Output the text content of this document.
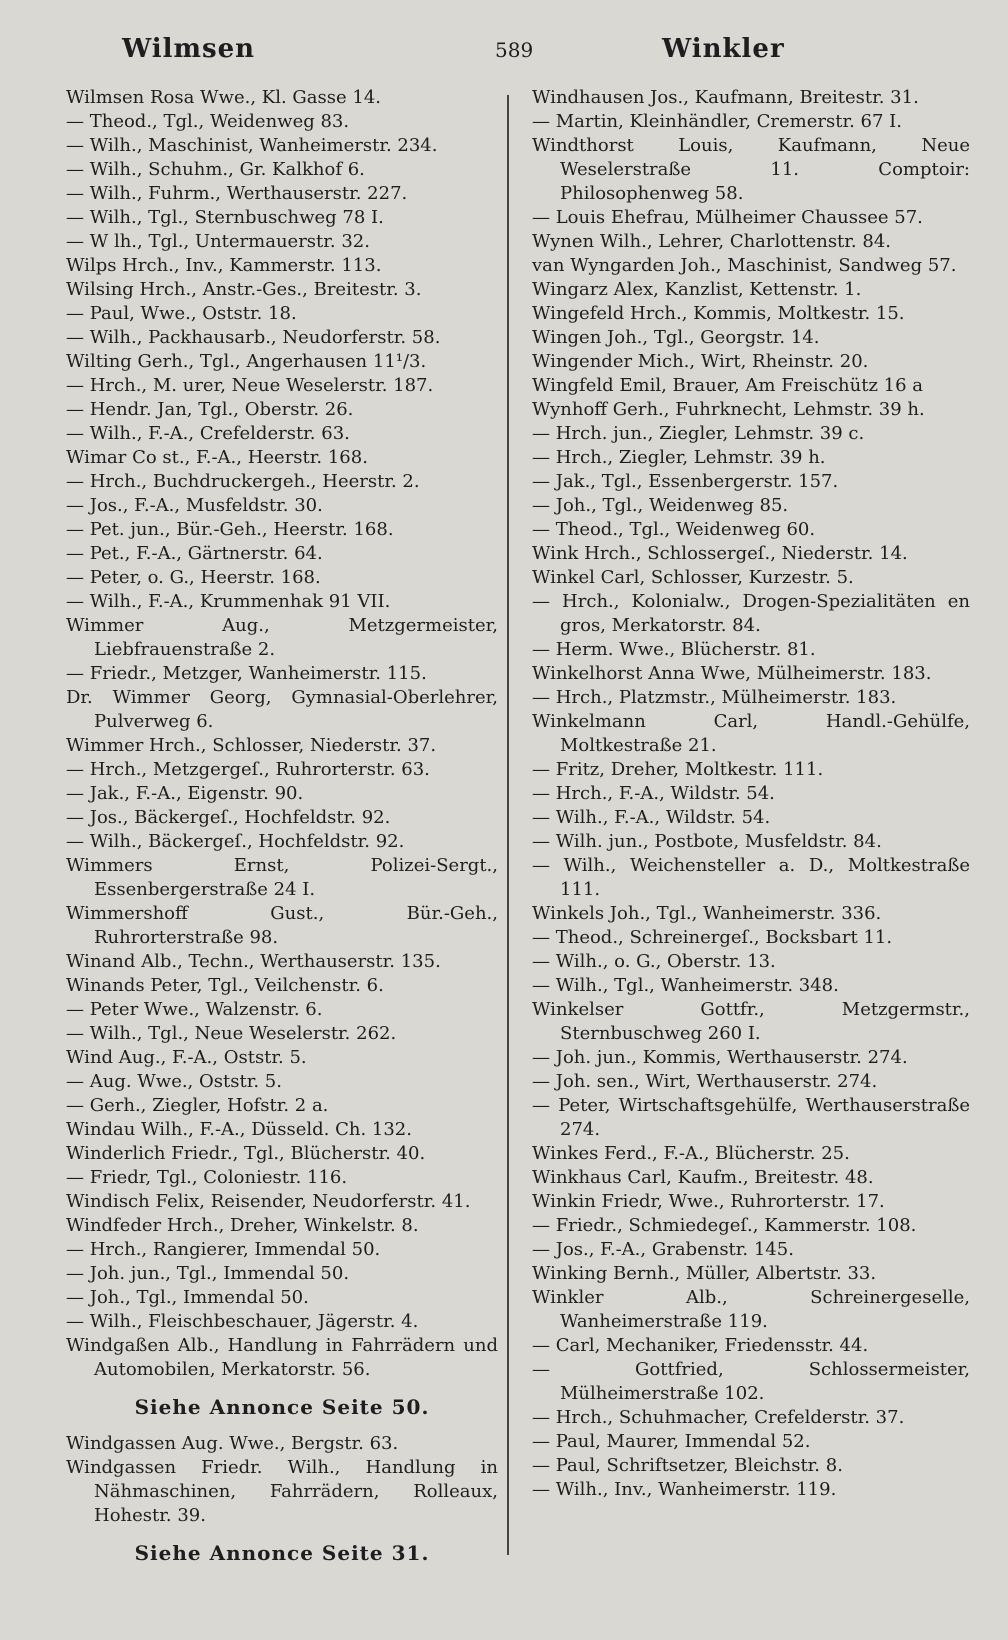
Wilmsen	589	Winkler

Wilmsen Rosa Wwe., Kl. Gasse 14.

— Theod., Tgl., Weidenweg 83.

— Wilh., Maschinist, Wanheimerstr. 234.

— Wilh., Schuhm., Gr. Kalkhof 6.

— Wilh., Fuhrm., Werthauserstr. 227.

— Wilh., Tgl., Sternbuschweg 78 I.

— W lh., Tgl., Untermauerstr. 32.

Wilps Hrch., Inv., Kammerstr. 113.

Wilsing Hrch., Anstr.-Ges., Breitestr. 3.

— Paul, Wwe., Oststr. 18.

— Wilh., Packhausarb., Neudorferstr. 58.

Wilting Gerh., Tgl., Angerhausen 11¹/3.

— Hrch., M. urer, Neue Weselerstr. 187.

— Hendr. Jan, Tgl., Oberstr. 26.

— Wilh., F.-A., Crefelderstr. 63.

Wimar Co st., F.-A., Heerstr. 168.

— Hrch., Buchdruckergeh., Heerstr. 2.

— Jos., F.-A., Musfeldstr. 30.

— Pet. jun., Bür.-Geh., Heerstr. 168.

— Pet., F.-A., Gärtnerstr. 64.

— Peter, o. G., Heerstr. 168.

— Wilh., F.-A., Krummenhak 91 VII.

Wimmer Aug., Metzgermeister, Liebfrauenstraße 2.

— Friedr., Metzger, Wanheimerstr. 115.

Dr. Wimmer Georg, Gymnasial-Oberlehrer, Pulverweg 6.

Wimmer Hrch., Schlosser, Niederstr. 37.

— Hrch., Metzgergeſ., Ruhrorterstr. 63.

— Jak., F.-A., Eigenstr. 90.

— Jos., Bäckergeſ., Hochfeldstr. 92.

— Wilh., Bäckergeſ., Hochfeldstr. 92.

Wimmers Ernst, Polizei-Sergt., Essenbergerstraße 24 I.

Wimmershoff Gust., Bür.-Geh., Ruhrorterstraße 98.

Winand Alb., Techn., Werthauserstr. 135.

Winands Peter, Tgl., Veilchenstr. 6.

— Peter Wwe., Walzenstr. 6.

— Wilh., Tgl., Neue Weselerstr. 262.

Wind Aug., F.-A., Oststr. 5.

— Aug. Wwe., Oststr. 5.

— Gerh., Ziegler, Hofstr. 2 a.

Windau Wilh., F.-A., Düsseld. Ch. 132.

Winderlich Friedr., Tgl., Blücherstr. 40.

— Friedr, Tgl., Coloniestr. 116.

Windisch Felix, Reisender, Neudorferstr. 41.

Windfeder Hrch., Dreher, Winkelstr. 8.

— Hrch., Rangierer, Immendal 50.

— Joh. jun., Tgl., Immendal 50.

— Joh., Tgl., Immendal 50.

— Wilh., Fleischbeschauer, Jägerstr. 4.

Windgaßen Alb., Handlung in Fahrrädern und Automobilen, Merkatorstr. 56.

Siehe Annonce Seite 50.

Windgassen Aug. Wwe., Bergstr. 63.

Windgassen Friedr. Wilh., Handlung in Nähmaschinen, Fahrrädern, Rolleaux, Hohestr. 39.

Siehe Annonce Seite 31.

Windhausen Jos., Kaufmann, Breitestr. 31.

— Martin, Kleinhändler, Cremerstr. 67 I.

Windthorst Louis, Kaufmann, Neue Weselerstraße 11. Comptoir: Philosophenweg 58.

— Louis Ehefrau, Mülheimer Chaussee 57.

Wynen Wilh., Lehrer, Charlottenstr. 84.

van Wyngarden Joh., Maschinist, Sandweg 57.

Wingarz Alex, Kanzlist, Kettenstr. 1.

Wingefeld Hrch., Kommis, Moltkestr. 15.

Wingen Joh., Tgl., Georgstr. 14.

Wingender Mich., Wirt, Rheinstr. 20.

Wingfeld Emil, Brauer, Am Freischütz 16 a

Wynhoff Gerh., Fuhrknecht, Lehmstr. 39 h.

— Hrch. jun., Ziegler, Lehmstr. 39 c.

— Hrch., Ziegler, Lehmstr. 39 h.

— Jak., Tgl., Essenbergerstr. 157.

— Joh., Tgl., Weidenweg 85.

— Theod., Tgl., Weidenweg 60.

Wink Hrch., Schlossergeſ., Niederstr. 14.

Winkel Carl, Schlosser, Kurzestr. 5.

— Hrch., Kolonialw., Drogen-Spezialitäten en gros, Merkatorstr. 84.

— Herm. Wwe., Blücherstr. 81.

Winkelhorst Anna Wwe, Mülheimerstr. 183.

— Hrch., Platzmstr., Mülheimerstr. 183.

Winkelmann Carl, Handl.-Gehülfe, Moltkestraße 21.

— Fritz, Dreher, Moltkestr. 111.

— Hrch., F.-A., Wildstr. 54.

— Wilh., F.-A., Wildstr. 54.

— Wilh. jun., Postbote, Musfeldstr. 84.

— Wilh., Weichensteller a. D., Moltkestraße 111.

Winkels Joh., Tgl., Wanheimerstr. 336.

— Theod., Schreinergeſ., Bocksbart 11.

— Wilh., o. G., Oberstr. 13.

— Wilh., Tgl., Wanheimerstr. 348.

Winkelser Gottfr., Metzgermstr., Sternbuschweg 260 I.

— Joh. jun., Kommis, Werthauserstr. 274.

— Joh. sen., Wirt, Werthauserstr. 274.

— Peter, Wirtschaftsgehülfe, Werthauserstraße 274.

Winkes Ferd., F.-A., Blücherstr. 25.

Winkhaus Carl, Kaufm., Breitestr. 48.

Winkin Friedr, Wwe., Ruhrorterstr. 17.

— Friedr., Schmiedegeſ., Kammerstr. 108.

— Jos., F.-A., Grabenstr. 145.

Winking Bernh., Müller, Albertstr. 33.

Winkler Alb., Schreinergeselle, Wanheimerstraße 119.

— Carl, Mechaniker, Friedensstr. 44.

— Gottfried, Schlossermeister, Mülheimerstraße 102.

— Hrch., Schuhmacher, Crefelderstr. 37.

— Paul, Maurer, Immendal 52.

— Paul, Schriftsetzer, Bleichstr. 8.

— Wilh., Inv., Wanheimerstr. 119.
